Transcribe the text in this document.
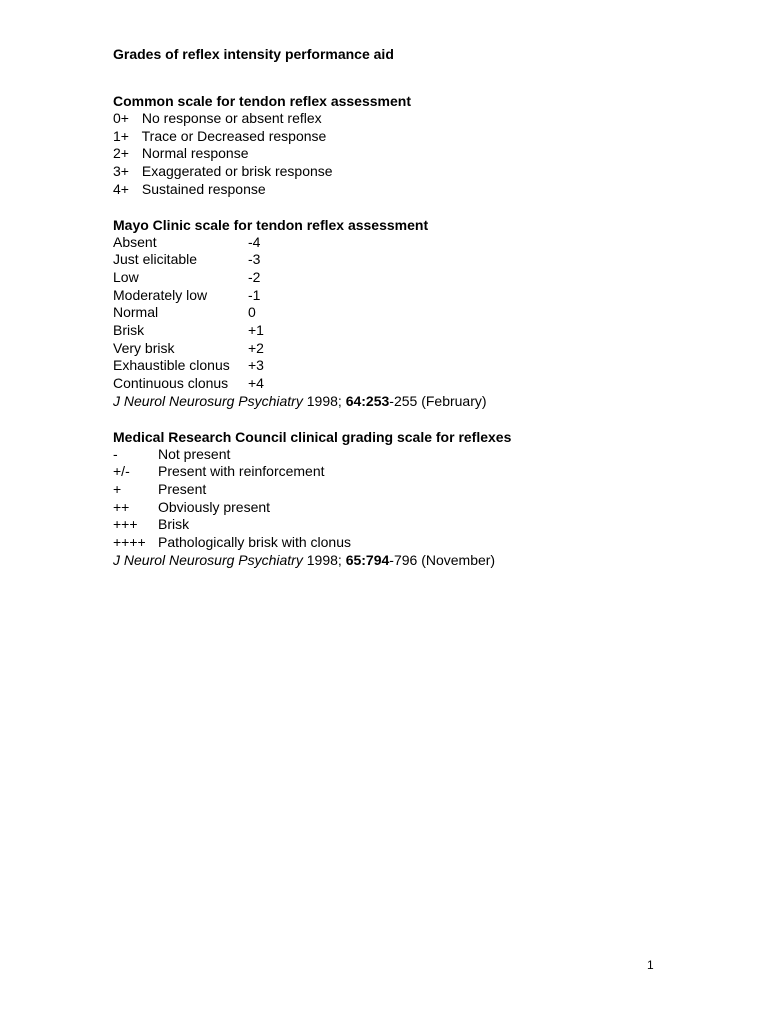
Grades of reflex intensity performance aid
Common scale for tendon reflex assessment
0+ No response or absent reflex
1+ Trace or Decreased response
2+ Normal response
3+ Exaggerated or brisk response
4+ Sustained response
Mayo Clinic scale for tendon reflex assessment
Absent	-4
Just elicitable	-3
Low	-2
Moderately low	-1
Normal	0
Brisk	+1
Very brisk	+2
Exhaustible clonus +3
Continuous clonus +4
J Neurol Neurosurg Psychiatry 1998; 64:253-255 (February)
Medical Research Council clinical grading scale for reflexes
-	Not present
+/- Present with reinforcement
+	Present
++ Obviously present
+++ Brisk
++++ Pathologically brisk with clonus
J Neurol Neurosurg Psychiatry 1998; 65:794-796 (November)
1
